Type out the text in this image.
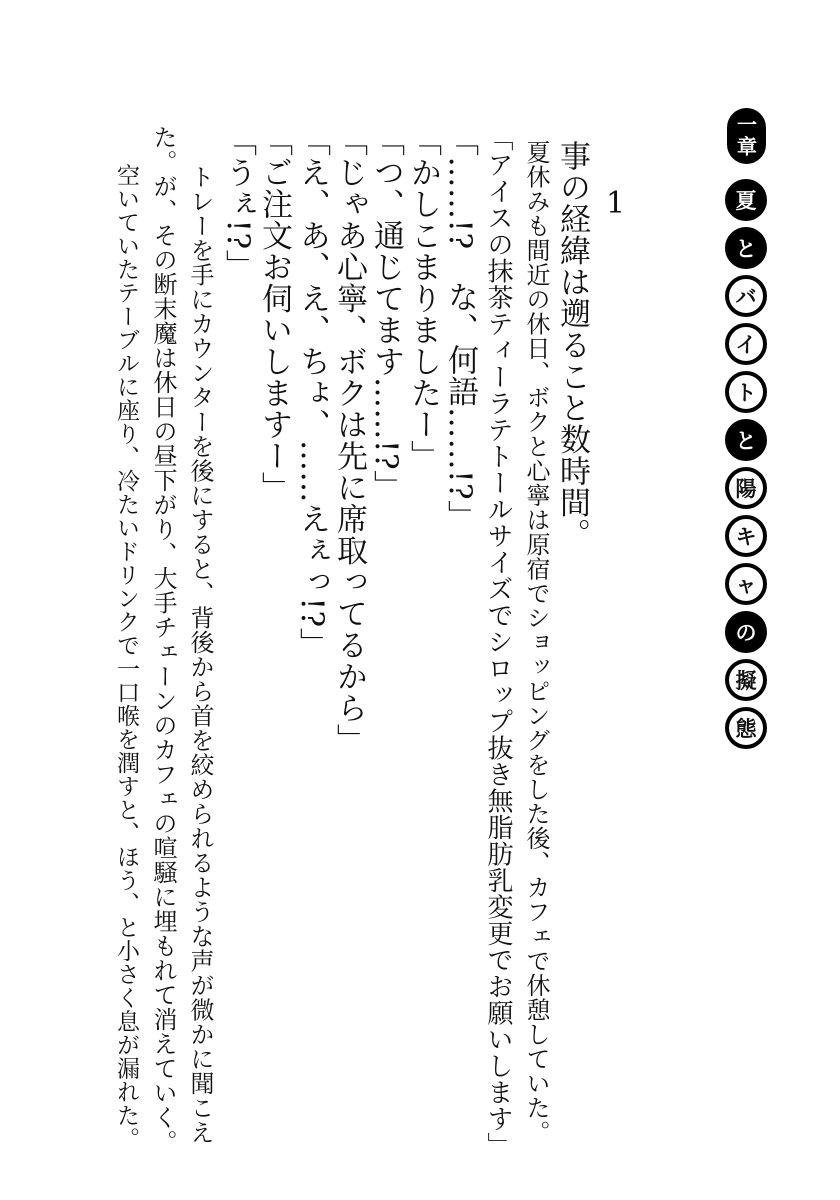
一章
夏
と
バ
イ
ト
と
陽
キ
ャ
の
擬
態
1
事の経緯は遡ること数時間。
夏休みも間近の休日、ボクと心寧は原宿でショッピングをした後、カフェで休憩していた。
「アイスの抹茶ティーラテトールサイズでシロップ抜き無脂肪乳変更でお願いします」
「……!?　な、何語……!?」
「かしこまりましたー」
「つ、通じてます……!?」
「じゃあ心寧、ボクは先に席取ってるから」
「え、あ、え、ちょ、……えぇっ!?」
「ご注文お伺いしますー」
「うぇ!?」
　トレーを手にカウンターを後にすると、背後から首を絞められるような声が微かに聞こえ
た。が、その断末魔は休日の昼下がり、大手チェーンのカフェの喧騒に埋もれて消えていく。
　空いていたテーブルに座り、冷たいドリンクで一口喉を潤すと、ほう、と小さく息が漏れた。
